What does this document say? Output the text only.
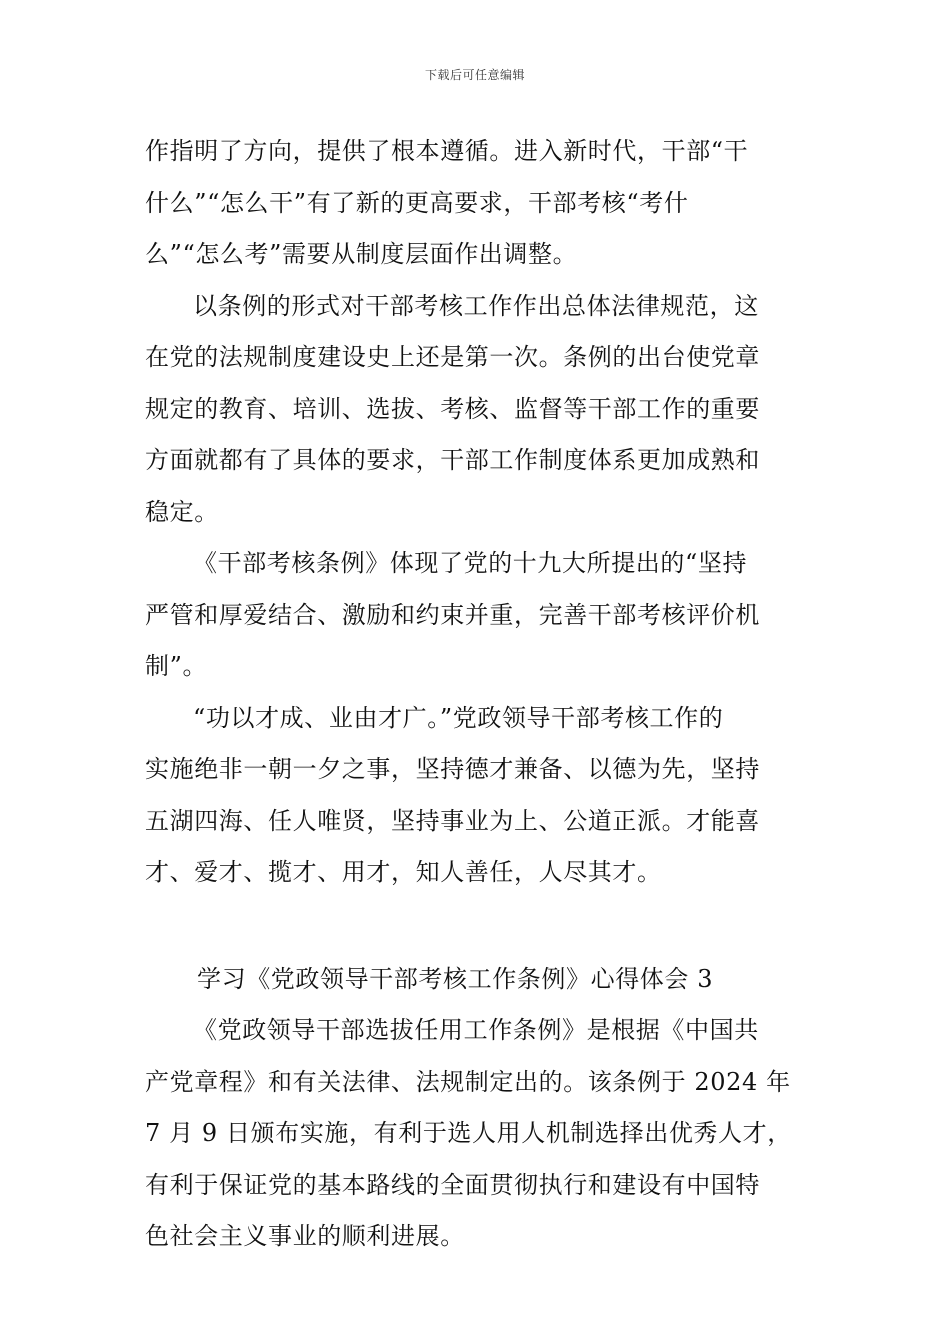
下载后可任意编辑
作指明了方向，提供了根本遵循。进入新时代，干部“干
什么”“怎么干”有了新的更高要求，干部考核“考什
么”“怎么考”需要从制度层面作出调整。
以条例的形式对干部考核工作作出总体法律规范，这
在党的法规制度建设史上还是第一次。条例的出台使党章
规定的教育、培训、选拔、考核、监督等干部工作的重要
方面就都有了具体的要求，干部工作制度体系更加成熟和
稳定。
《干部考核条例》体现了党的十九大所提出的“坚持
严管和厚爱结合、激励和约束并重，完善干部考核评价机
制”。
“功以才成、业由才广。”党政领导干部考核工作的
实施绝非一朝一夕之事，坚持德才兼备、以德为先，坚持
五湖四海、任人唯贤，坚持事业为上、公道正派。才能喜
才、爱才、揽才、用才，知人善任，人尽其才。
学习《党政领导干部考核工作条例》心得体会 3
《党政领导干部选拔任用工作条例》是根据《中国共
产党章程》和有关法律、法规制定出的。该条例于 2024 年
7 月 9 日颁布实施，有利于选人用人机制选择出优秀人才，
有利于保证党的基本路线的全面贯彻执行和建设有中国特
色社会主义事业的顺利进展。
